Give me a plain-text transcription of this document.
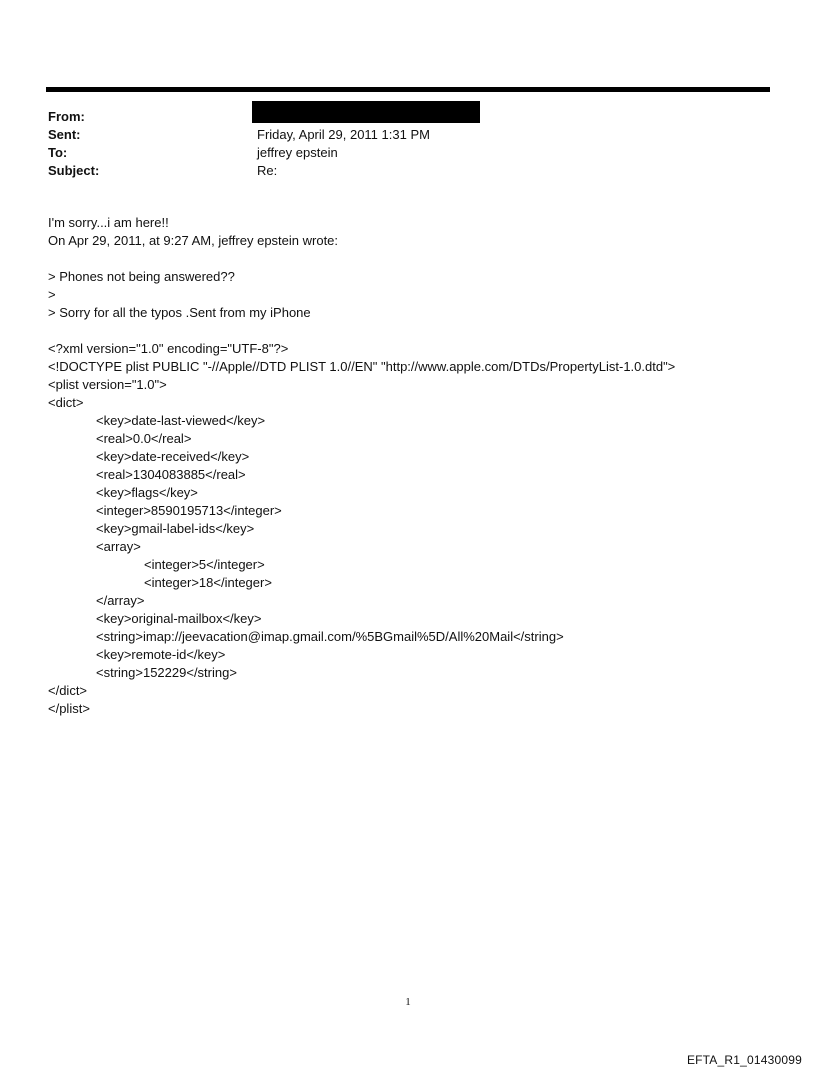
From:
Sent:	Friday, April 29, 2011 1:31 PM
To:	jeffrey epstein
Subject:	Re:
I'm sorry...i am here!!
On Apr 29, 2011, at 9:27 AM, jeffrey epstein wrote:
> Phones not being answered??
>
> Sorry for all the typos .Sent from my iPhone
<?xml version="1.0" encoding="UTF-8"?>
<!DOCTYPE plist PUBLIC "-//Apple//DTD PLIST 1.0//EN" "http://www.apple.com/DTDs/PropertyList-1.0.dtd">
<plist version="1.0">
<dict>
<key>date-last-viewed</key>
<real>0.0</real>
<key>date-received</key>
<real>1304083885</real>
<key>flags</key>
<integer>8590195713</integer>
<key>gmail-label-ids</key>
<array>
<integer>5</integer>
<integer>18</integer>
</array>
<key>original-mailbox</key>
<string>imap://jeevacation@imap.gmail.com/%5BGmail%5D/All%20Mail</string>
<key>remote-id</key>
<string>152229</string>
</dict>
</plist>
1
EFTA_R1_01430099
